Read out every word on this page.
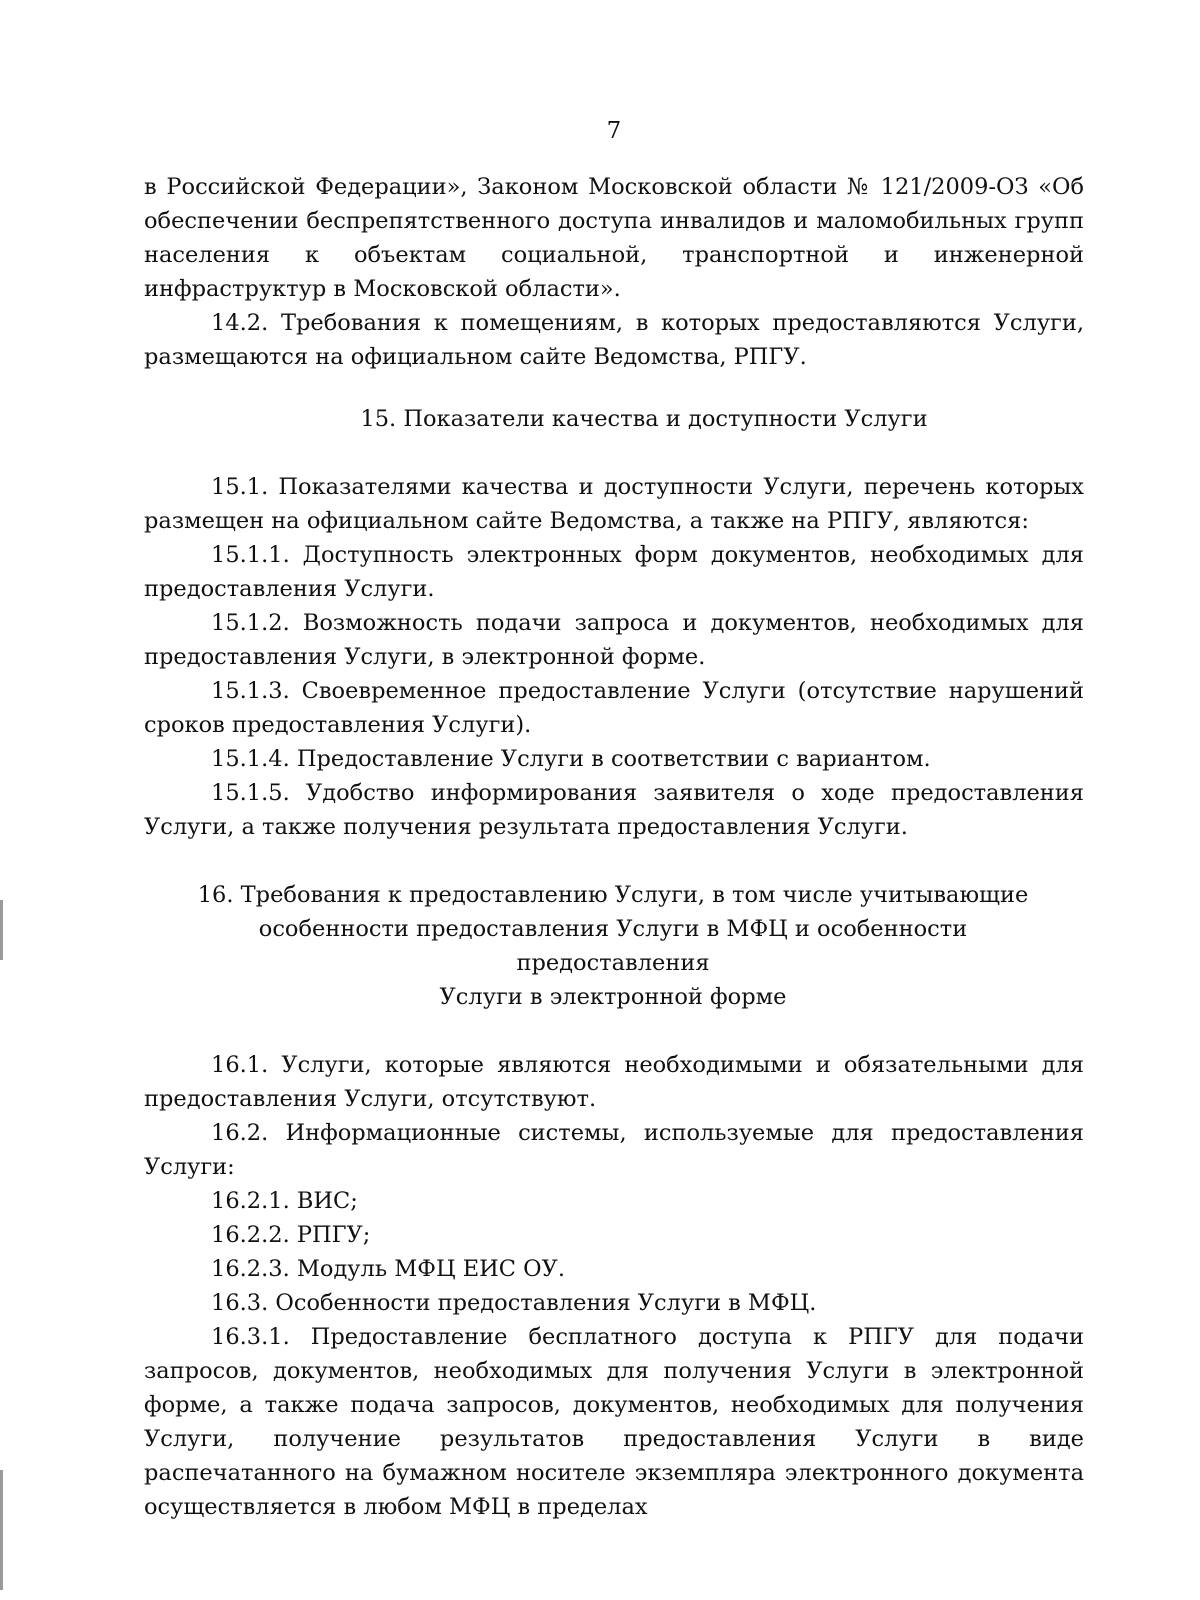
7

в Российской Федерации», Законом Московской области № 121/2009-ОЗ «Об обеспечении беспрепятственного доступа инвалидов и маломобильных групп населения к объектам социальной, транспортной и инженерной инфраструктур в Московской области».

14.2. Требования к помещениям, в которых предоставляются Услуги, размещаются на официальном сайте Ведомства, РПГУ.

15. Показатели качества и доступности Услуги

15.1. Показателями качества и доступности Услуги, перечень которых размещен на официальном сайте Ведомства, а также на РПГУ, являются:

15.1.1. Доступность электронных форм документов, необходимых для предоставления Услуги.

15.1.2. Возможность подачи запроса и документов, необходимых для предоставления Услуги, в электронной форме.

15.1.3. Своевременное предоставление Услуги (отсутствие нарушений сроков предоставления Услуги).

15.1.4. Предоставление Услуги в соответствии с вариантом.

15.1.5. Удобство информирования заявителя о ходе предоставления Услуги, а также получения результата предоставления Услуги.

16. Требования к предоставлению Услуги, в том числе учитывающие
особенности предоставления Услуги в МФЦ и особенности предоставления
Услуги в электронной форме

16.1. Услуги, которые являются необходимыми и обязательными для предоставления Услуги, отсутствуют.

16.2. Информационные системы, используемые для предоставления Услуги:

16.2.1. ВИС;

16.2.2. РПГУ;

16.2.3. Модуль МФЦ ЕИС ОУ.

16.3. Особенности предоставления Услуги в МФЦ.

16.3.1. Предоставление бесплатного доступа к РПГУ для подачи запросов, документов, необходимых для получения Услуги в электронной форме, а также подача запросов, документов, необходимых для получения Услуги, получение результатов предоставления Услуги в виде распечатанного на бумажном носителе экземпляра электронного документа осуществляется в любом МФЦ в пределах
